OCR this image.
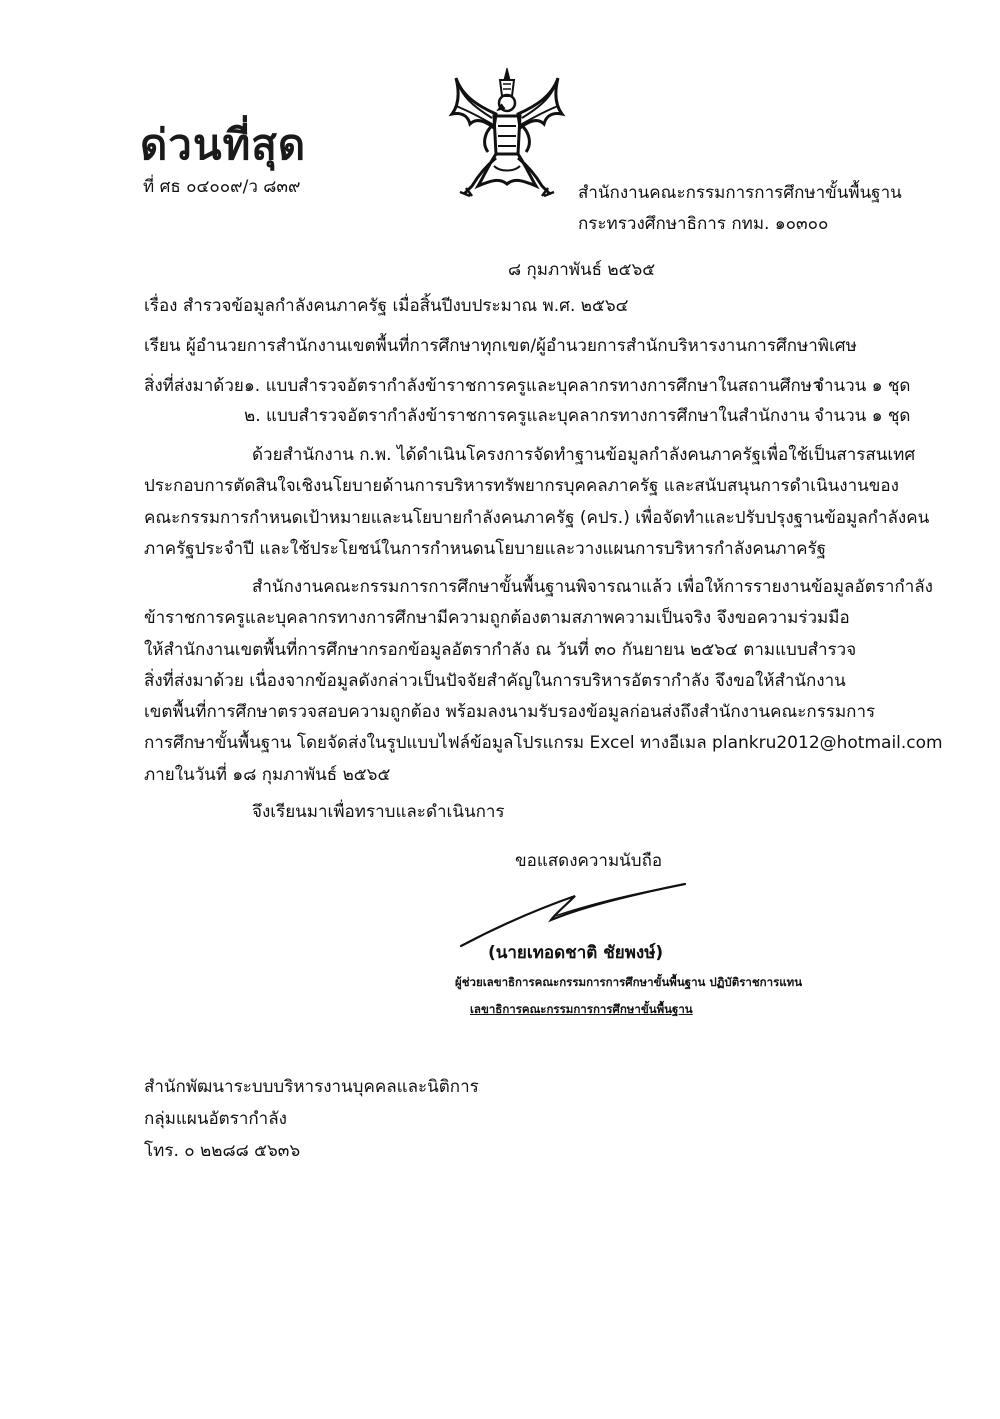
ด่วนที่สุด
ที่ ศธ ๐๔๐๐๙/ว ๘๓๙	สำนักงานคณะกรรมการการศึกษาขั้นพื้นฐาน
กระทรวงศึกษาธิการ กทม. ๑๐๓๐๐
๘ กุมภาพันธ์ ๒๕๖๕
เรื่อง สำรวจข้อมูลกำลังคนภาครัฐ เมื่อสิ้นปีงบประมาณ พ.ศ. ๒๕๖๔
เรียน ผู้อำนวยการสำนักงานเขตพื้นที่การศึกษาทุกเขต/ผู้อำนวยการสำนักบริหารงานการศึกษาพิเศษ
สิ่งที่ส่งมาด้วย ๑. แบบสำรวจอัตรากำลังข้าราชการครูและบุคลากรทางการศึกษาในสถานศึกษา
จำนวน ๑ ชุด
๒. แบบสำรวจอัตรากำลังข้าราชการครูและบุคลากรทางการศึกษาในสำนักงาน จำนวน ๑ ชุด
ด้วยสำนักงาน ก.พ. ได้ดำเนินโครงการจัดทำฐานข้อมูลกำลังคนภาครัฐเพื่อใช้เป็นสารสนเทศ
ประกอบการตัดสินใจเชิงนโยบายด้านการบริหารทรัพยากรบุคคลภาครัฐ และสนับสนุนการดำเนินงานของ
คณะกรรมการกำหนดเป้าหมายและนโยบายกำลังคนภาครัฐ (คปร.) เพื่อจัดทำและปรับปรุงฐานข้อมูลกำลังคน
ภาครัฐประจำปี และใช้ประโยชน์ในการกำหนดนโยบายและวางแผนการบริหารกำลังคนภาครัฐ
สำนักงานคณะกรรมการการศึกษาขั้นพื้นฐานพิจารณาแล้ว เพื่อให้การรายงานข้อมูลอัตรากำลัง
ข้าราชการครูและบุคลากรทางการศึกษามีความถูกต้องตามสภาพความเป็นจริง จึงขอความร่วมมือ
ให้สำนักงานเขตพื้นที่การศึกษากรอกข้อมูลอัตรากำลัง ณ วันที่ ๓๐ กันยายน ๒๕๖๔ ตามแบบสำรวจ
สิ่งที่ส่งมาด้วย เนื่องจากข้อมูลดังกล่าวเป็นปัจจัยสำคัญในการบริหารอัตรากำลัง จึงขอให้สำนักงาน
เขตพื้นที่การศึกษาตรวจสอบความถูกต้อง พร้อมลงนามรับรองข้อมูลก่อนส่งถึงสำนักงานคณะกรรมการ
การศึกษาขั้นพื้นฐาน โดยจัดส่งในรูปแบบไฟล์ข้อมูลโปรแกรม Excel ทางอีเมล plankru2012@hotmail.com
ภายในวันที่ ๑๘ กุมภาพันธ์ ๒๕๖๕
จึงเรียนมาเพื่อทราบและดำเนินการ
ขอแสดงความนับถือ
(นายเทอดชาติ ชัยพงษ์)
ผู้ช่วยเลขาธิการคณะกรรมการการศึกษาขั้นพื้นฐาน ปฏิบัติราชการแทน
เลขาธิการคณะกรรมการการศึกษาขั้นพื้นฐาน
สำนักพัฒนาระบบบริหารงานบุคคลและนิติการ
กลุ่มแผนอัตรากำลัง
โทร. ๐ ๒๒๘๘ ๕๖๓๖
